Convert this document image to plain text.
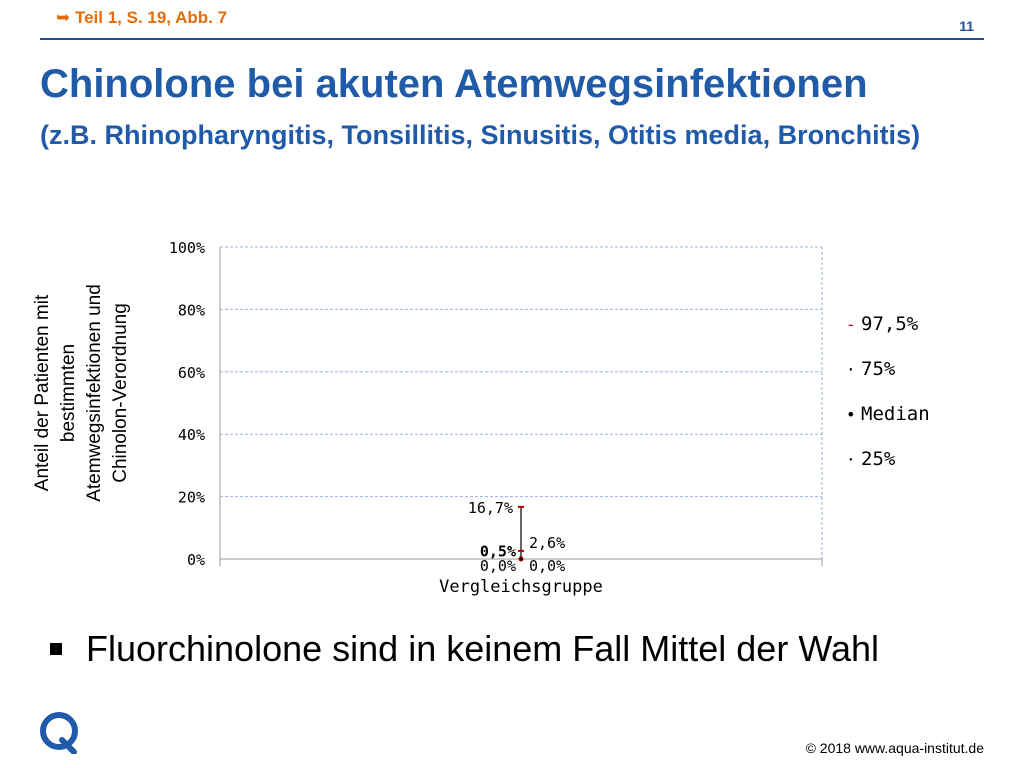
➥ Teil 1, S. 19, Abb. 7	11
Chinolone bei akuten Atemwegsinfektionen
(z.B. Rhinopharyngitis, Tonsillitis, Sinusitis, Otitis media, Bronchitis)
0%
20%
40%
60%
80%
100%
Anteil der Patienten mit bestimmten Atemwegsinfektionen und Chinolon-Verordnung
16,7%
2,6%
0,5%
0,0% 0,0%
- 97,5%
· 75%
• Median
· 25%
Vergleichsgruppe
Fluorchinolone sind in keinem Fall Mittel der Wahl
© 2018 www.aqua-institut.de
